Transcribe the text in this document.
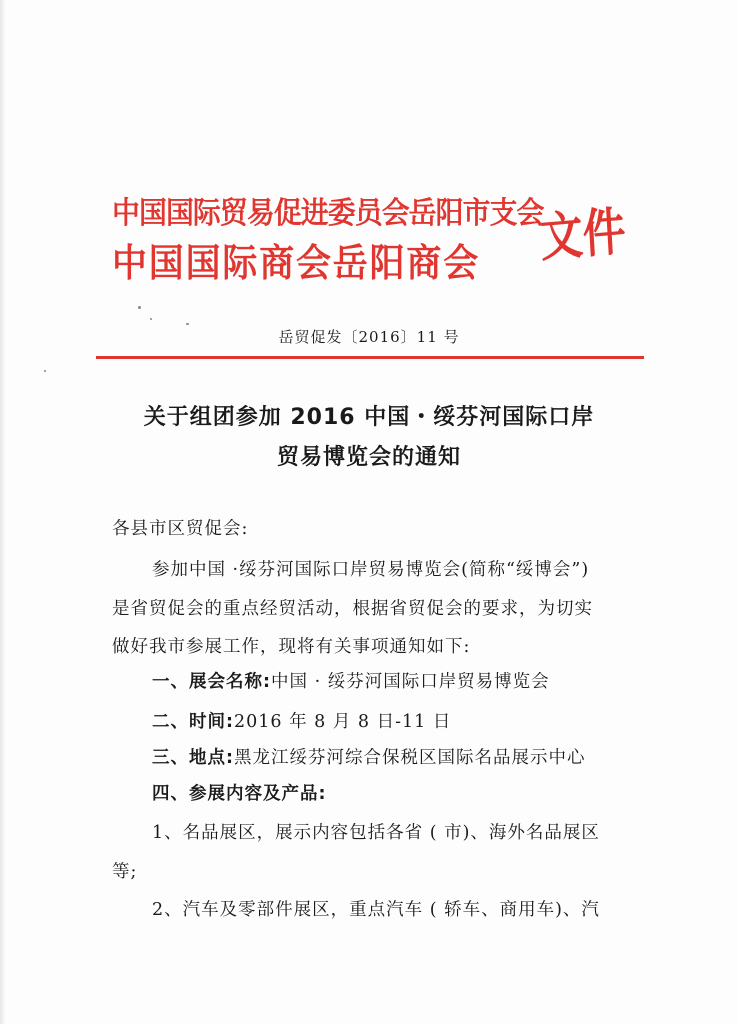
中国国际贸易促进委员会岳阳市支会
中国国际商会岳阳商会 文件
岳贸促发〔2016〕11 号
关于组团参加 2016 中国・绥芬河国际口岸
贸易博览会的通知
各县市区贸促会:
参加中国 ·绥芬河国际口岸贸易博览会(简称“绥博会”)
是省贸促会的重点经贸活动，根据省贸促会的要求，为切实
做好我市参展工作，现将有关事项通知如下:
一、展会名称:中国 · 绥芬河国际口岸贸易博览会
二、时间:2016 年 8 月 8 日-11 日
三、地点:黑龙江绥芬河综合保税区国际名品展示中心
四、参展内容及产品:
1、名品展区，展示内容包括各省 ( 市)、海外名品展区
等;
2、汽车及零部件展区，重点汽车 ( 轿车、商用车)、汽
